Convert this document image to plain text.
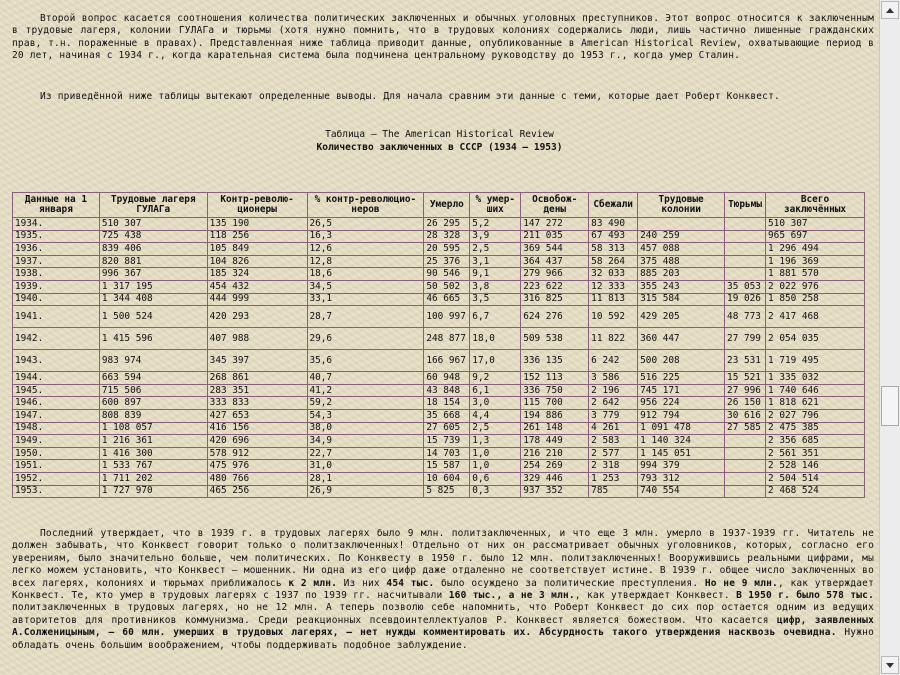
Второй вопрос касается соотношения количества политических заключенных и обычных уголовных преступников. Этот вопрос относится к заключенным в трудовые лагеря, колонии ГУЛАГа и тюрьмы (хотя нужно помнить, что в трудовых колониях содержались люди, лишь частично лишенные гражданских прав, т.н. пораженные в правах). Представленная ниже таблица приводит данные, опубликованные в American Historical Review, охватывающие период в 20 лет, начиная с 1934 г., когда карательная система была подчинена центральному руководству до 1953 г., когда умер Сталин.

Из приведённой ниже таблицы вытекают определенные выводы. Для начала сравним эти данные с теми, которые дает Роберт Конквест.

Таблица — The American Historical Review
Количество заключенных в СССР (1934 — 1953)
Данные на 1 января	Трудовые лагеря ГУЛАГа	Контр-револю-ционеры	% контр-революцио-неров	Умерло	% умер-ших	Освобож-дены	Сбежали	Трудовые колонии	Тюрьмы	Всего заключённых
1934.	510 307	135 190	26,5	26 295	5,2	147 272	83 490			510 307
1935.	725 438	118 256	16,3	28 328	3,9	211 035	67 493	240 259		965 697
1936.	839 406	105 849	12,6	20 595	2,5	369 544	58 313	457 088		1 296 494
1937.	820 881	104 826	12,8	25 376	3,1	364 437	58 264	375 488		1 196 369
1938.	996 367	185 324	18,6	90 546	9,1	279 966	32 033	885 203		1 881 570
1939.	1 317 195	454 432	34,5	50 502	3,8	223 622	12 333	355 243	35 053	2 022 976
1940.	1 344 408	444 999	33,1	46 665	3,5	316 825	11 813	315 584	19 026	1 850 258
1941.	1 500 524	420 293	28,7	100 997	6,7	624 276	10 592	429 205	48 773	2 417 468
1942.	1 415 596	407 988	29,6	248 877	18,0	509 538	11 822	360 447	27 799	2 054 035
1943.	983 974	345 397	35,6	166 967	17,0	336 135	6 242	500 208	23 531	1 719 495
1944.	663 594	268 861	40,7	60 948	9,2	152 113	3 586	516 225	15 521	1 335 032
1945.	715 506	283 351	41,2	43 848	6,1	336 750	2 196	745 171	27 996	1 740 646
1946.	600 897	333 833	59,2	18 154	3,0	115 700	2 642	956 224	26 150	1 818 621
1947.	808 839	427 653	54,3	35 668	4,4	194 886	3 779	912 794	30 616	2 027 796
1948.	1 108 057	416 156	38,0	27 605	2,5	261 148	4 261	1 091 478	27 585	2 475 385
1949.	1 216 361	420 696	34,9	15 739	1,3	178 449	2 583	1 140 324		2 356 685
1950.	1 416 300	578 912	22,7	14 703	1,0	216 210	2 577	1 145 051		2 561 351
1951.	1 533 767	475 976	31,0	15 587	1,0	254 269	2 318	994 379		2 528 146
1952.	1 711 202	480 766	28,1	10 604	0,6	329 446	1 253	793 312		2 504 514
1953.	1 727 970	465 256	26,9	5 825	0,3	937 352	785	740 554		2 468 524

Последний утверждает, что в 1939 г. в трудовых лагерях было 9 млн. политзаключенных, и что еще 3 млн. умерло в 1937-1939 гг. Читатель не должен забывать, что Конквест говорит только о политзаключенных! Отдельно от них он рассматривает обычных уголовников, которых, согласно его уверениям, было значительно больше, чем политических. По Конквесту в 1950 г. было 12 млн. политзаключенных! Вооружившись реальными цифрами, мы легко можем установить, что Конквест — мошенник. Ни одна из его цифр даже отдаленно не соответствует истине. В 1939 г. общее число заключенных во всех лагерях, колониях и тюрьмах приближалось к 2 млн. Из них 454 тыс. было осуждено за политические преступления. Но не 9 млн., как утверждает Конквест. Те, кто умер в трудовых лагерях с 1937 по 1939 гг. насчитывали 160 тыс., а не 3 млн., как утверждает Конквест. В 1950 г. было 578 тыс. политзаключенных в трудовых лагерях, но не 12 млн. А теперь позволю себе напомнить, что Роберт Конквест до сих пор остается одним из ведущих авторитетов для противников коммунизма. Среди реакционных псевдоинтеллектуалов Р. Конквест является божеством. Что касается цифр, заявленных А.Солженицыным, — 60 млн. умерших в трудовых лагерях, — нет нужды комментировать их. Абсурдность такого утверждения насквозь очевидна. Нужно обладать очень большим воображением, чтобы поддерживать подобное заблуждение.
